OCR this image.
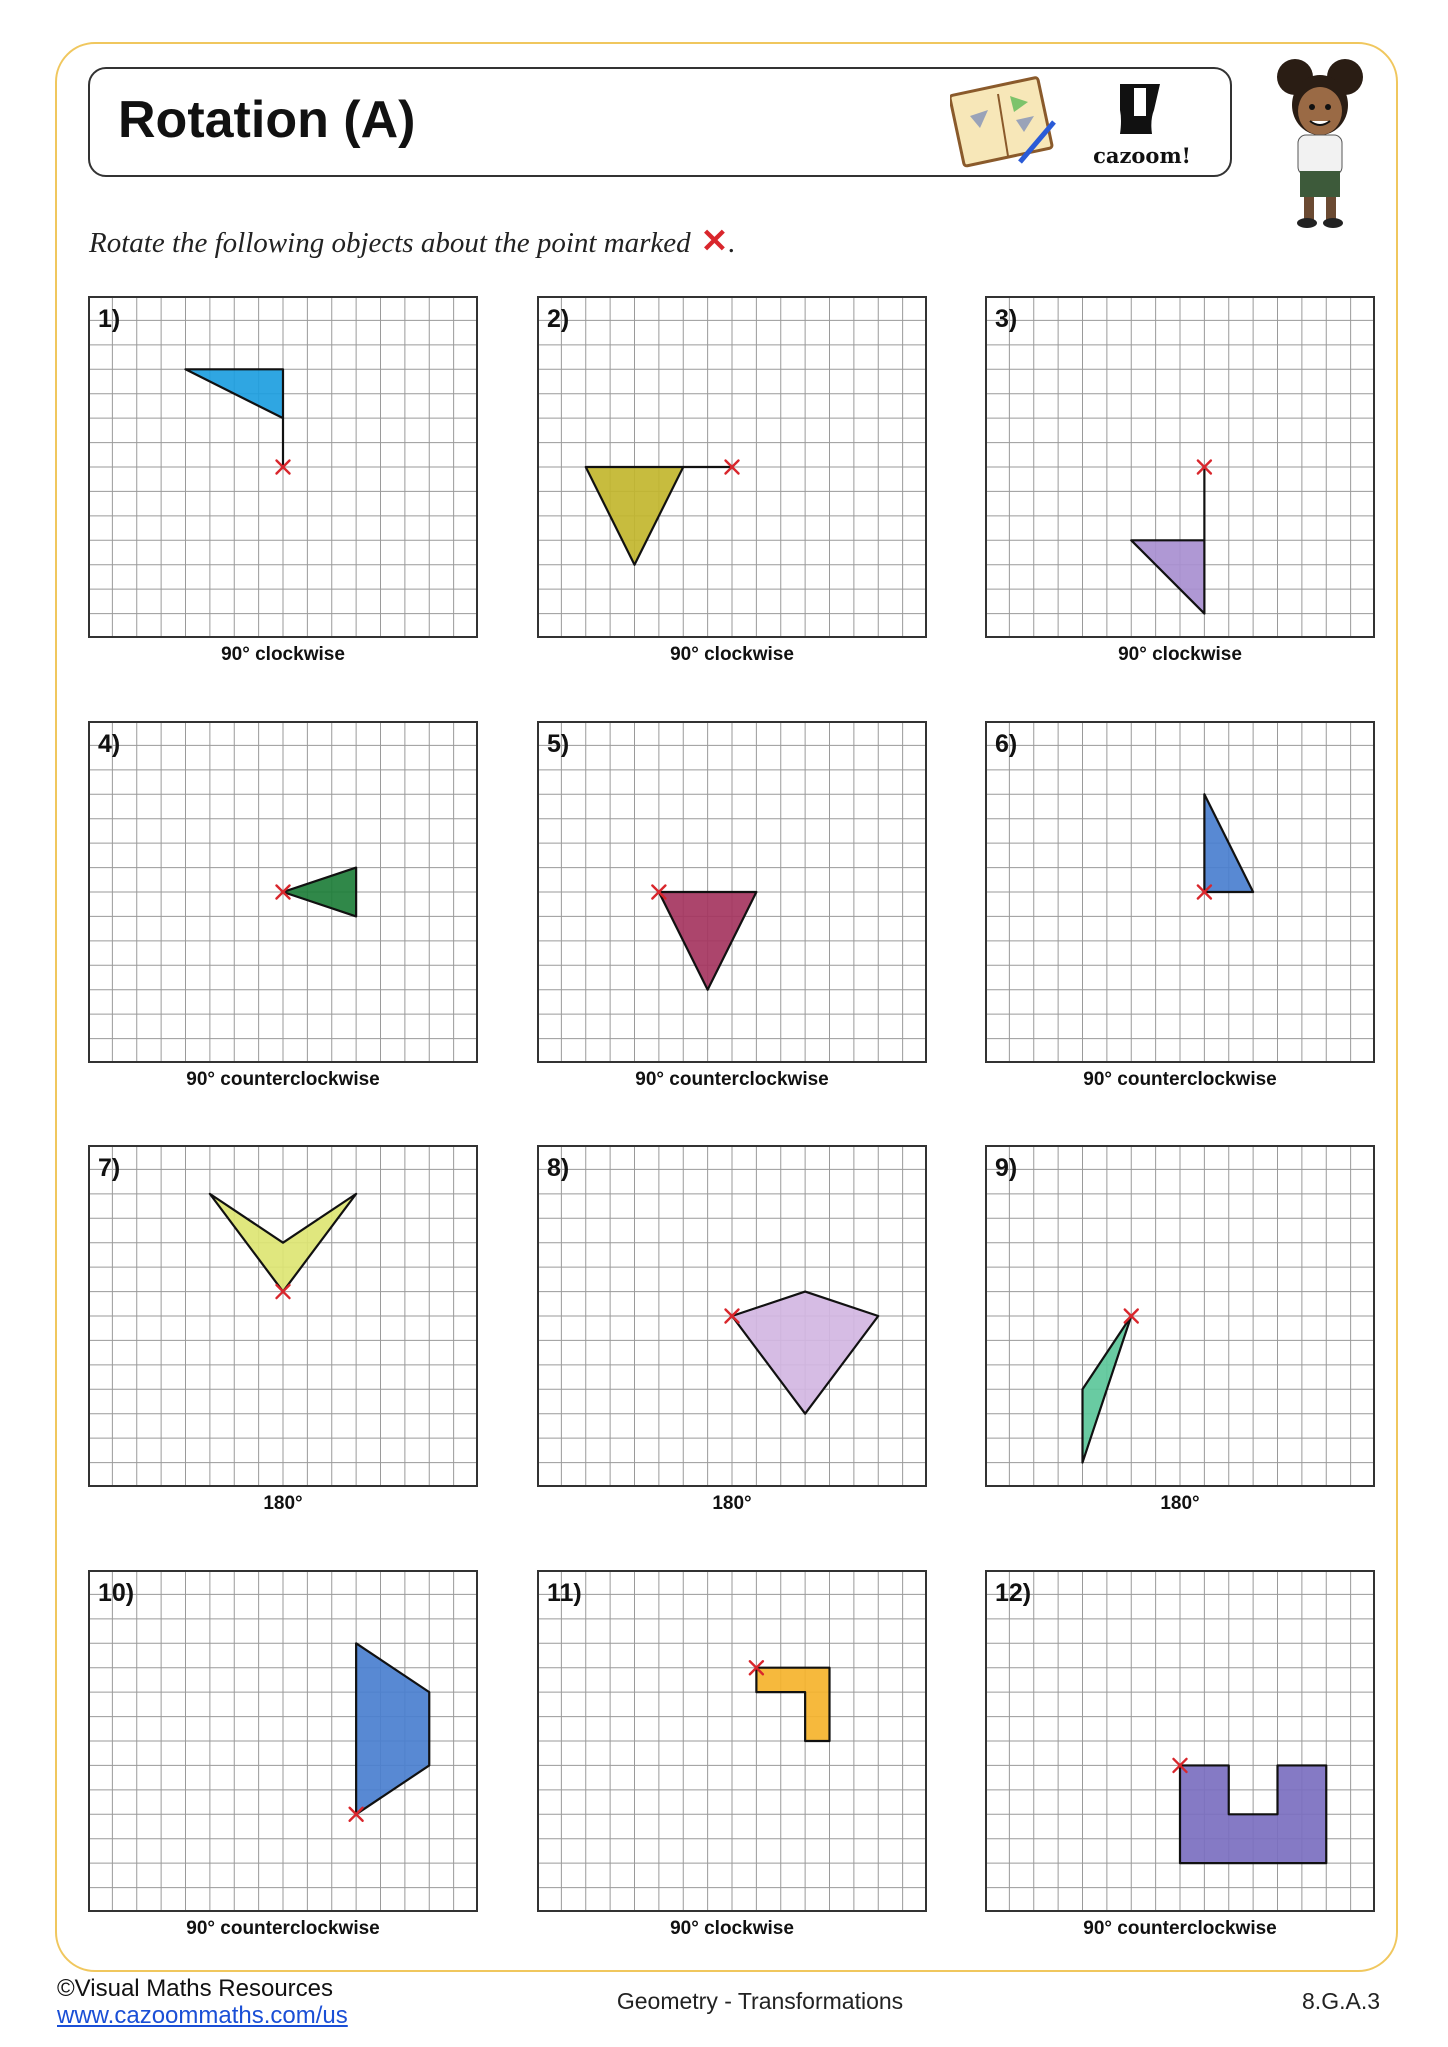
Rotation (A)
cazoom!
Rotate the following objects about the point marked ✕.
1)
90° clockwise
2)
90° clockwise
3)
90° clockwise
4)
90° counterclockwise
5)
90° counterclockwise
6)
90° counterclockwise
7)
180°
8)
180°
9)
180°
10)
90° counterclockwise
11)
90° clockwise
12)
90° counterclockwise
©Visual Maths Resources
www.cazoommaths.com/us
Geometry - Transformations	8.G.A.3
